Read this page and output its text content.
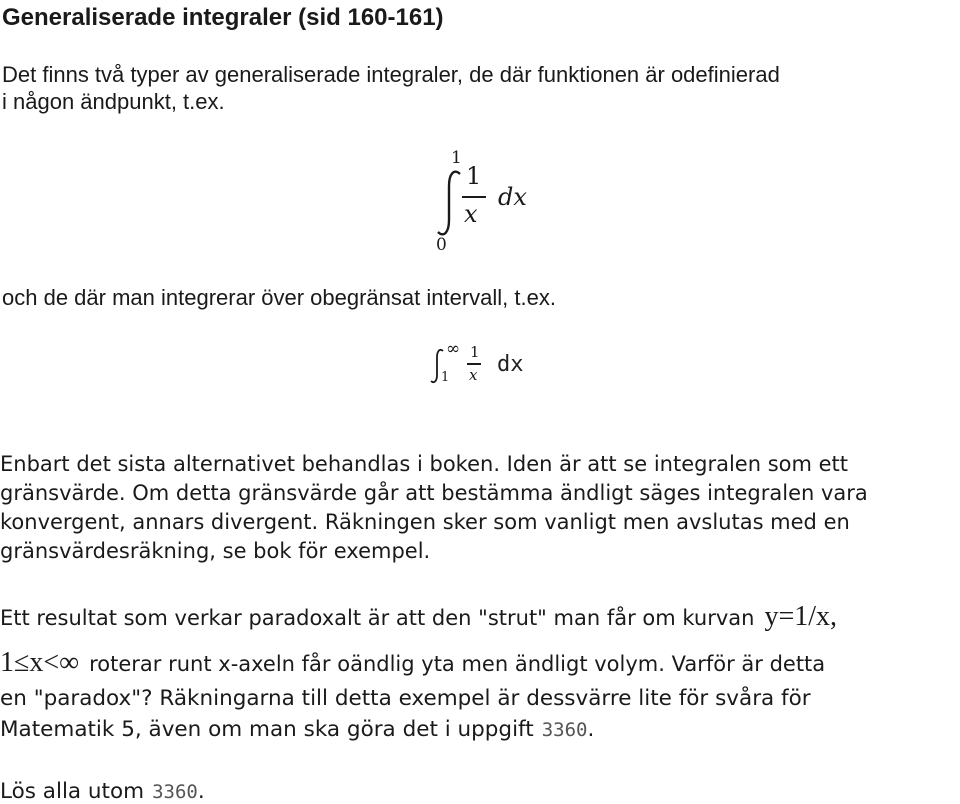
Generaliserade integraler (sid 160-161)
Det finns två typer av generaliserade integraler, de där funktionen är odefinierad
i någon ändpunkt, t.ex.
1
0
1
x
dx
och de där man integrerar över obegränsat intervall, t.ex.
∞
1
1
x dx
Enbart det sista alternativet behandlas i boken. Iden är att se integralen som ett
gränsvärde. Om detta gränsvärde går att bestämma ändligt säges integralen vara
konvergent, annars divergent. Räkningen sker som vanligt men avslutas med en
gränsvärdesräkning, se bok för exempel.
Ett resultat som verkar paradoxalt är att den "strut" man får om kurvan y=1/x,
1≤x<∞ roterar runt x-axeln får oändlig yta men ändligt volym. Varför är detta
en "paradox"? Räkningarna till detta exempel är dessvärre lite för svåra för
Matematik 5, även om man ska göra det i uppgift 3360 .
Lös alla utom 3360 .
